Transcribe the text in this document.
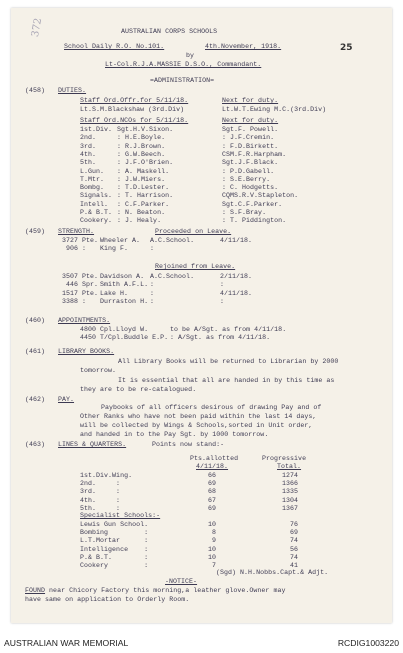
372
25
AUSTRALIAN CORPS SCHOOLS
School Daily R.O. No.101.	4th.November, 1918.
by
Lt-Col.R.J.A.MASSIE D.S.O., Commandant.
=ADMINISTRATION=
(458) DUTIES.
Staff Ord.Offr.for 5/11/18.	Next for duty.
Lt.S.M.Blackshaw (3rd.Div)	Lt.W.T.Ewing M.C.(3rd.Div)
Staff Ord.NCOs for 5/11/18.	Next for duty.
1st.Div. Sgt.H.V.Sixon.	Sgt.F. Powell.
2nd.	: H.E.Boyle.	: J.F.Cremin.
3rd.	: R.J.Brown.	: F.D.Birkett.
4th.	: G.W.Beech.	CSM.F.R.Harpham.
5th.	: J.F.O'Brien.	Sgt.J.F.Black.
L.Gun. : A. Maskell.	: P.D.Gabell.
T.Mtr. : J.W.Miers.	: S.E.Berry.
Bombg. : T.D.Lester.	: C. Hodgetts.
Signals. : T. Harrison.	CQMS.R.V.Stapleton.
Intell. : C.F.Parker.	Sgt.C.F.Parker.
P.& B.T. : N. Beaton.	: S.F.Bray.
Cookery. : J. Healy.	: T. Piddington.
(459) STRENGTH.	Proceeded on Leave.
3727 Pte. Wheeler A. A.C.School.	4/11/18.
906 : King F.	:
Rejoined from Leave.
3507 Pte. Davidson A. A.C.School.	2/11/18.
446 Spr. Smith A.F.L. :	:
1517 Pte. Lake H.	:	4/11/18.
3388 : Durraston H. :	:
(460) APPOINTMENTS.
4800 Cpl.Lloyd W.	to be A/Sgt. as from 4/11/18.
4450 T/Cpl.Buddle E.P. : A/Sgt. as from 4/11/18.
(461) LIBRARY BOOKS.
All Library Books will be returned to Librarian by 2000
tomorrow.
It is essential that all are handed in by this time as
they are to be re-catalogued.
(462) PAY.
Paybooks of all officers desirous of drawing Pay and of
Other Ranks who have not been paid within the last 14 days,
will be collected by Wings & Schools,sorted in Unit order,
and handed in to the Pay Sgt. by 1000 tomorrow.
(463) LINES & QUARTERS.	Points now stand:-
Pts.allotted
4/11/18.
Progressive
Total.
1st.Div.Wing.	66	1274
2nd.     :	69	1366
3rd.     :	68	1335
4th.     :	67	1304
5th.     :	69	1367
Specialist Schools:-
Lewis Gun School.	10	76
Bombing         :	8	69
L.T.Mortar      :	9	74
Intelligence    :	10	56
P.& B.T.        :	10	74
Cookery         :	7	41
(Sgd) N.H.Nobbs.Capt.& Adjt.
-NOTICE-
FOUND near Chicory Factory this morning,a leather glove.Owner may
have same on application to Orderly Room.
AUSTRALIAN WAR MEMORIAL	RCDIG1003220
